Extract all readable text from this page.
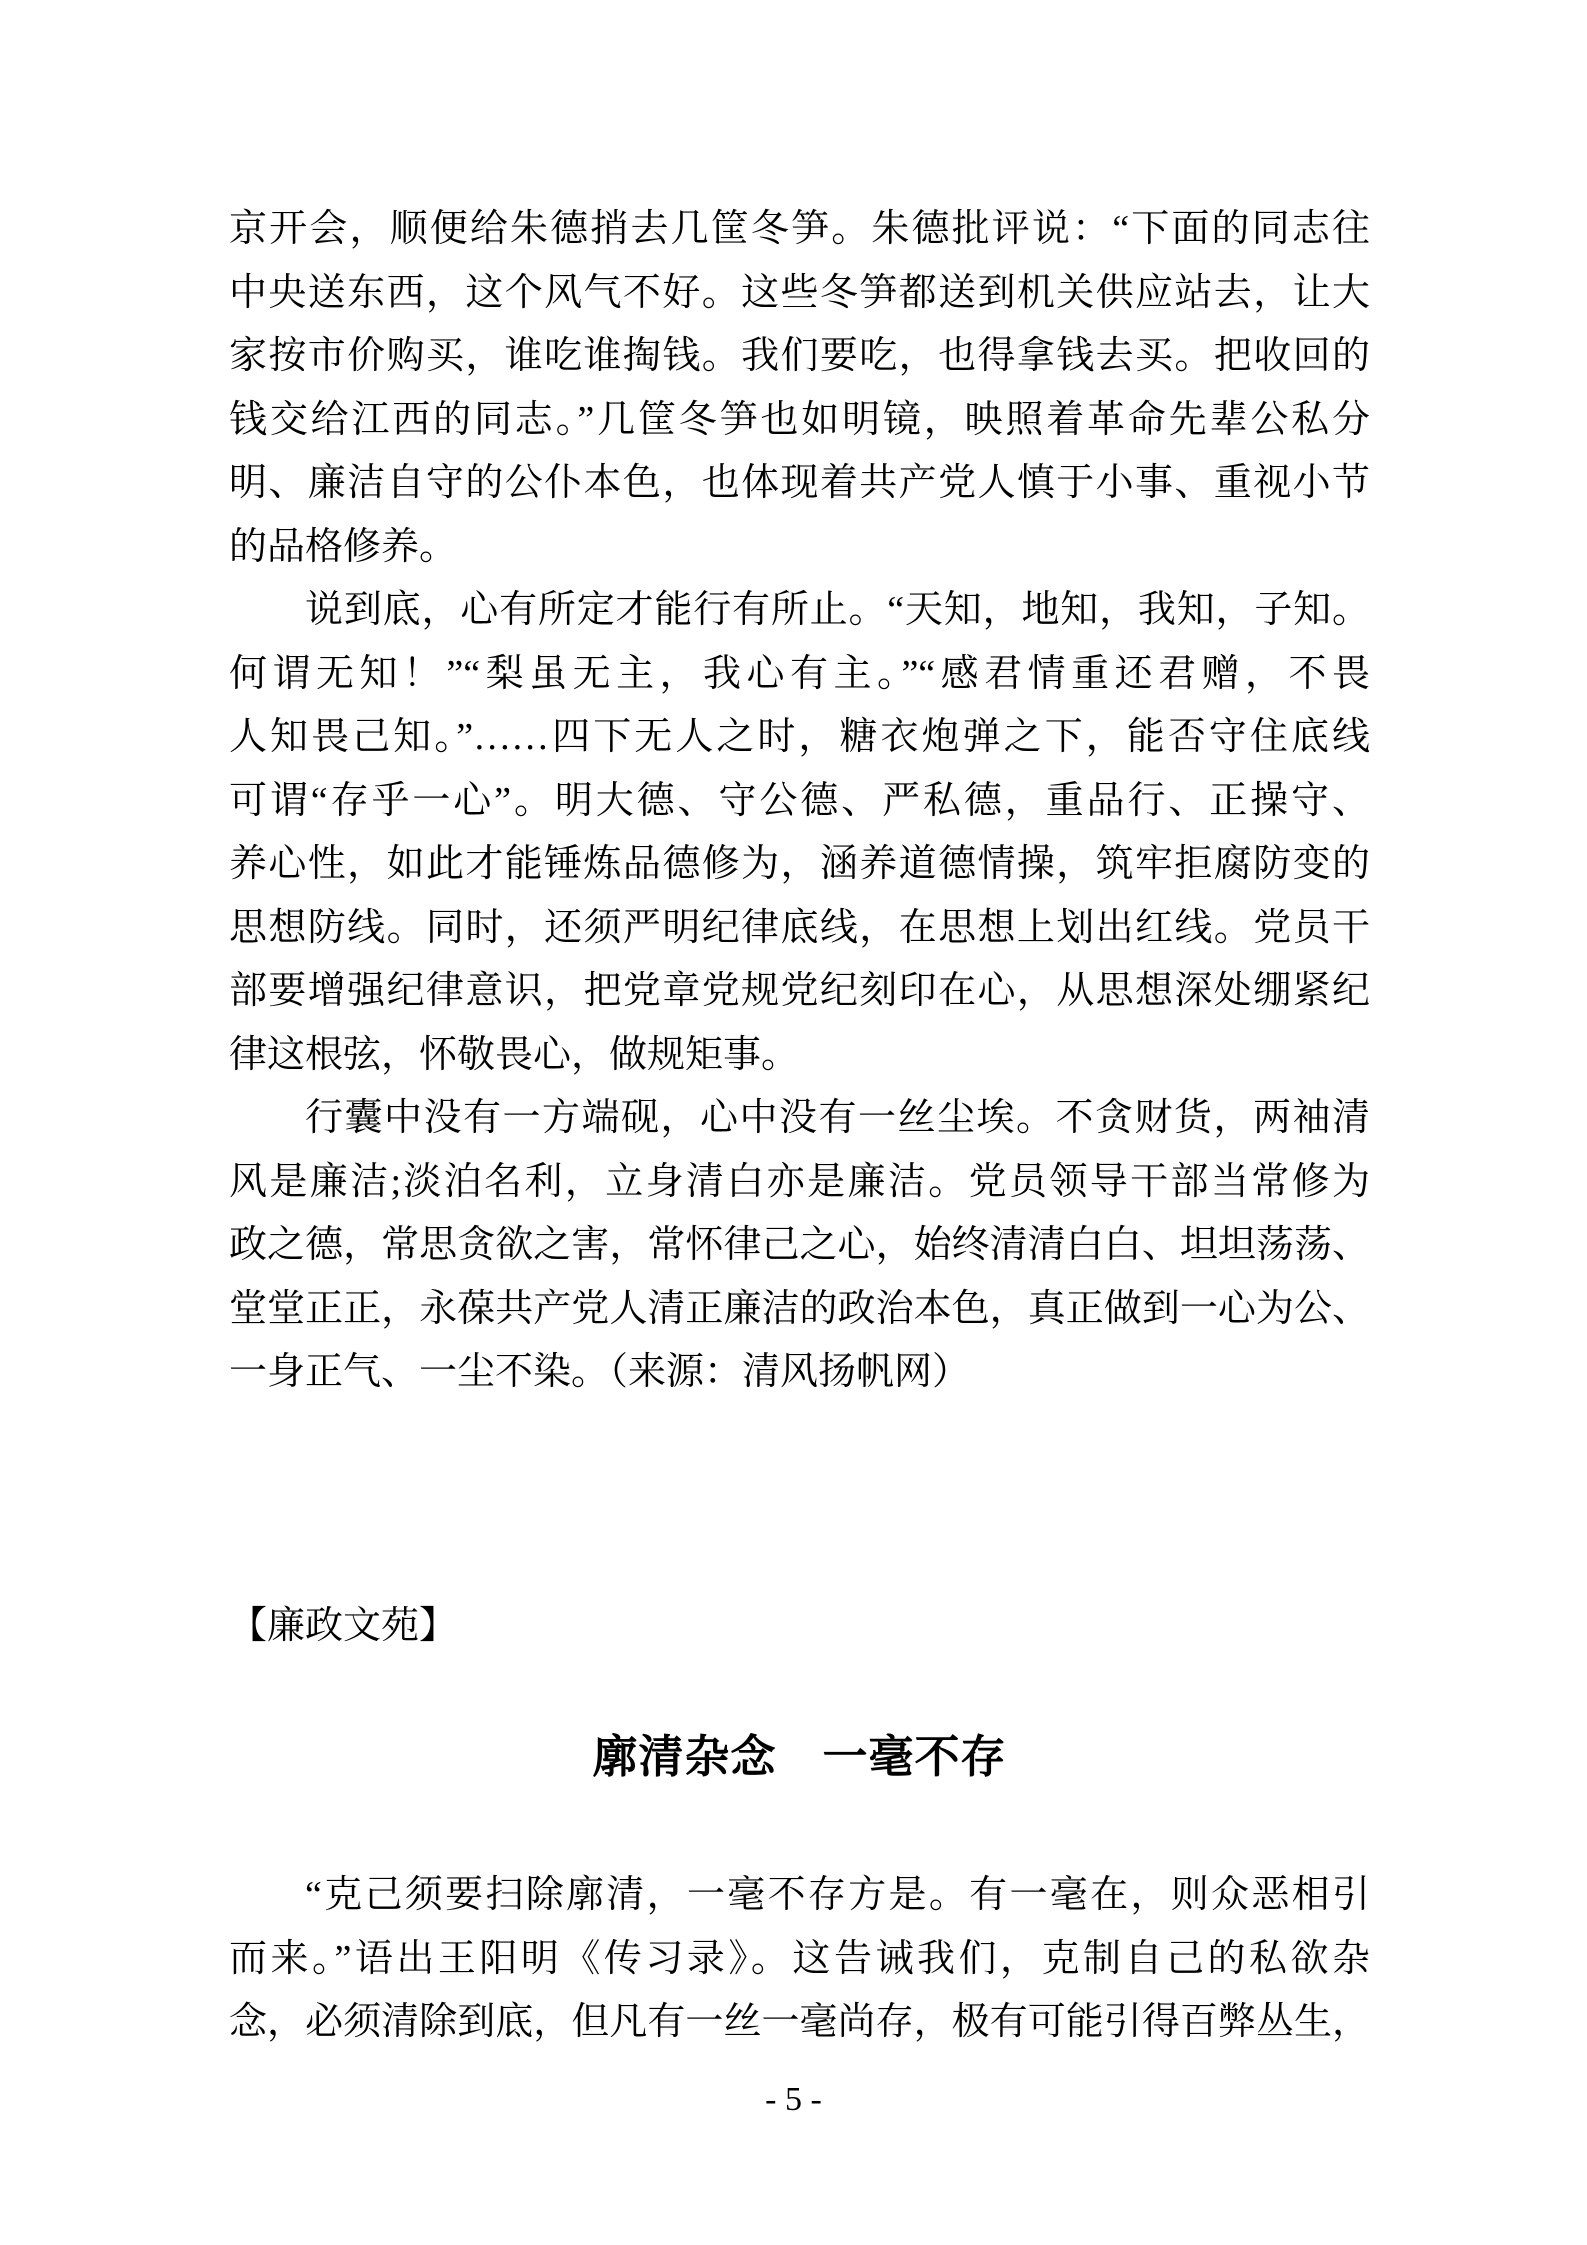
京开会，顺便给朱德捎去几筐冬笋。朱德批评说：“下面的同志往
中央送东西，这个风气不好。这些冬笋都送到机关供应站去，让大
家按市价购买，谁吃谁掏钱。我们要吃，也得拿钱去买。把收回的
钱交给江西的同志。”几筐冬笋也如明镜，映照着革命先辈公私分
明、廉洁自守的公仆本色，也体现着共产党人慎于小事、重视小节
的品格修养。
说到底，心有所定才能行有所止。“天知，地知，我知，子知。
何谓无知！”“梨虽无主，我心有主。”“感君情重还君赠，不畏
人知畏己知。”……四下无人之时，糖衣炮弹之下，能否守住底线
可谓“存乎一心”。明大德、守公德、严私德，重品行、正操守、
养心性，如此才能锤炼品德修为，涵养道德情操，筑牢拒腐防变的
思想防线。同时，还须严明纪律底线，在思想上划出红线。党员干
部要增强纪律意识，把党章党规党纪刻印在心，从思想深处绷紧纪
律这根弦，怀敬畏心，做规矩事。
行囊中没有一方端砚，心中没有一丝尘埃。不贪财货，两袖清
风是廉洁;淡泊名利，立身清白亦是廉洁。党员领导干部当常修为
政之德，常思贪欲之害，常怀律己之心，始终清清白白、坦坦荡荡、
堂堂正正，永葆共产党人清正廉洁的政治本色，真正做到一心为公、
一身正气、一尘不染。（来源：清风扬帆网）
【廉政文苑】
廓清杂念　一毫不存
“克己须要扫除廓清，一毫不存方是。有一毫在，则众恶相引
而来。”语出王阳明《传习录》。这告诫我们，克制自己的私欲杂
念，必须清除到底，但凡有一丝一毫尚存，极有可能引得百弊丛生，
- 5 -
